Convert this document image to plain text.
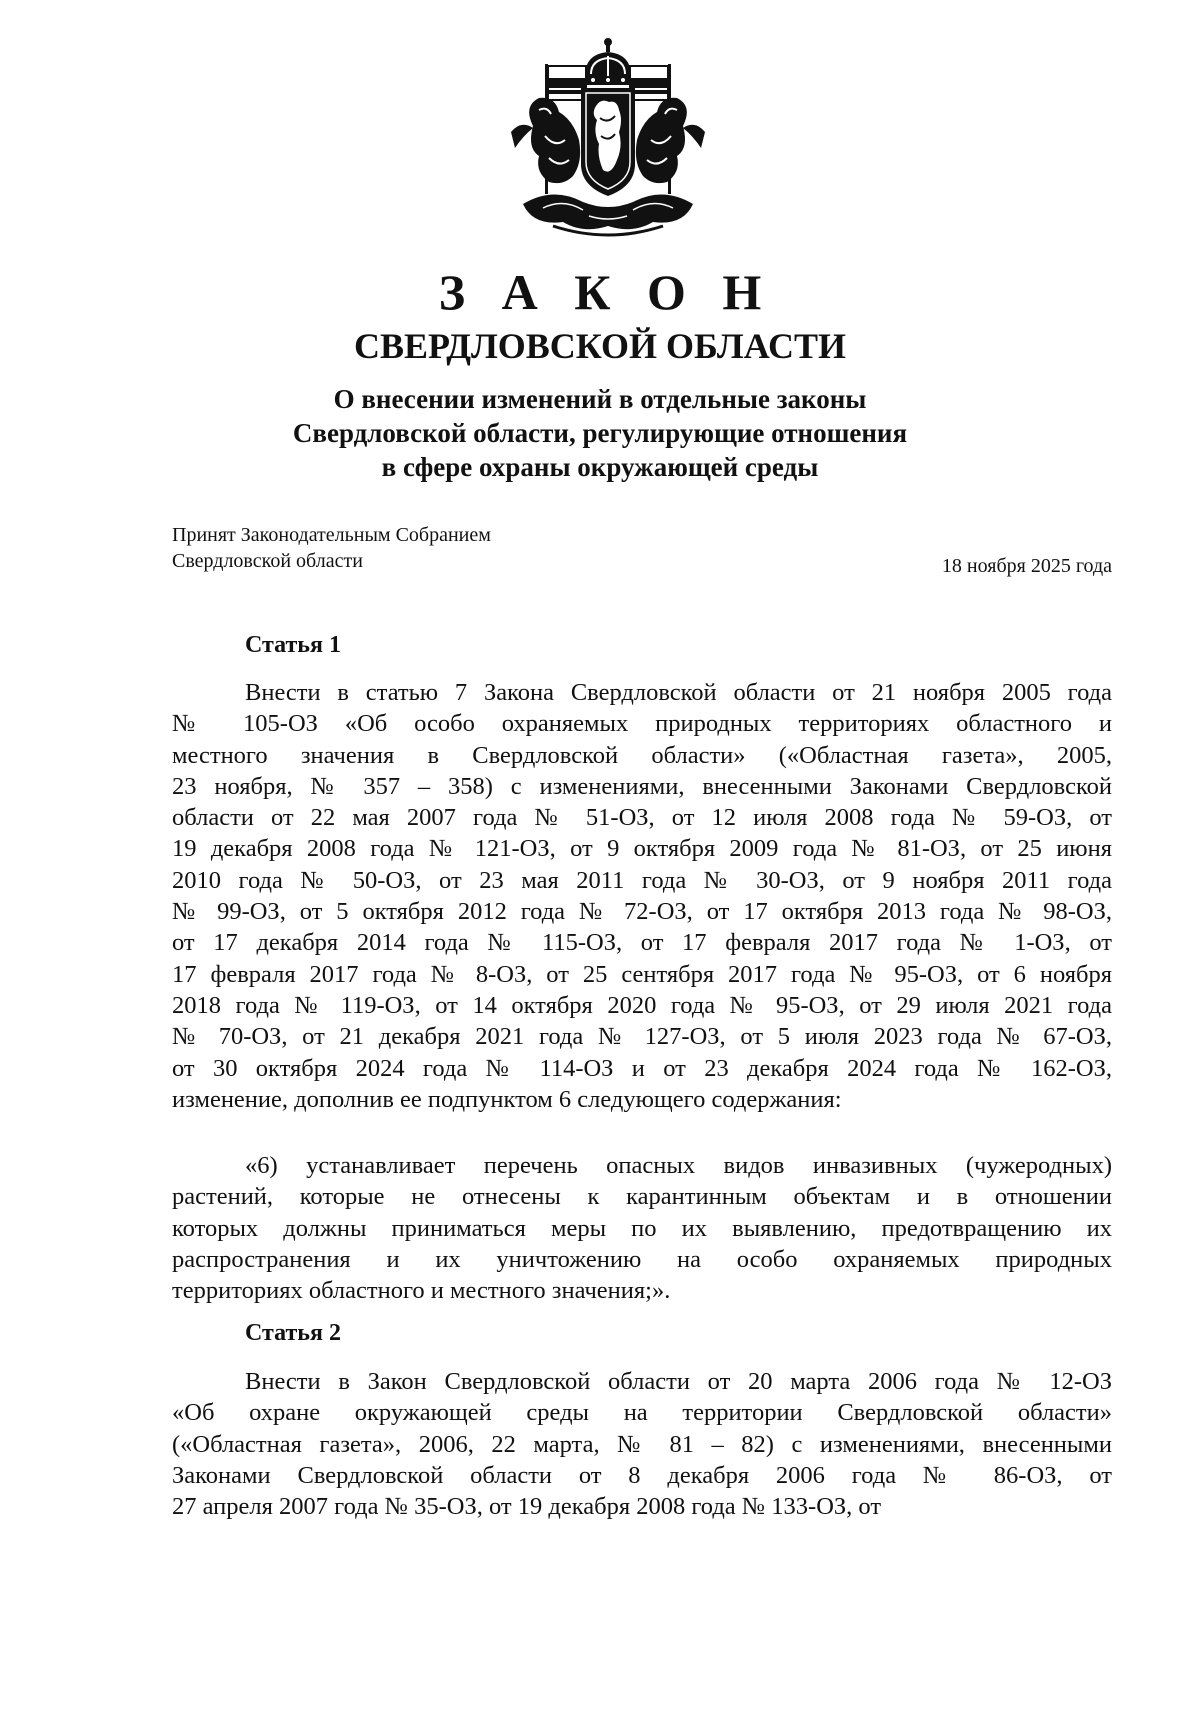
З А К О Н
СВЕРДЛОВСКОЙ ОБЛАСТИ
О внесении изменений в отдельные законы
Свердловской области, регулирующие отношения
в сфере охраны окружающей среды
Принят Законодательным Собранием
Свердловской области	18 ноября 2025 года
Статья 1
Внести в статью 7 Закона Свердловской области от 21 ноября 2005 года
№ 105-ОЗ «Об особо охраняемых природных территориях областного и
местного значения в Свердловской области» («Областная газета», 2005,
23 ноября, № 357 – 358) с изменениями, внесенными Законами Свердловской
области от 22 мая 2007 года № 51-ОЗ, от 12 июля 2008 года № 59-ОЗ, от
19 декабря 2008 года № 121-ОЗ, от 9 октября 2009 года № 81-ОЗ, от 25 июня
2010 года № 50-ОЗ, от 23 мая 2011 года № 30-ОЗ, от 9 ноября 2011 года
№ 99-ОЗ, от 5 октября 2012 года № 72-ОЗ, от 17 октября 2013 года № 98-ОЗ,
от 17 декабря 2014 года № 115-ОЗ, от 17 февраля 2017 года № 1-ОЗ, от
17 февраля 2017 года № 8-ОЗ, от 25 сентября 2017 года № 95-ОЗ, от 6 ноября
2018 года № 119-ОЗ, от 14 октября 2020 года № 95-ОЗ, от 29 июля 2021 года
№ 70-ОЗ, от 21 декабря 2021 года № 127-ОЗ, от 5 июля 2023 года № 67-ОЗ,
от 30 октября 2024 года № 114-ОЗ и от 23 декабря 2024 года № 162-ОЗ,
изменение, дополнив ее подпунктом 6 следующего содержания:
«6) устанавливает перечень опасных видов инвазивных (чужеродных)
растений, которые не отнесены к карантинным объектам и в отношении
которых должны приниматься меры по их выявлению, предотвращению их
распространения и их уничтожению на особо охраняемых природных
территориях областного и местного значения;».
Статья 2
Внести в Закон Свердловской области от 20 марта 2006 года № 12-ОЗ
«Об охране окружающей среды на территории Свердловской области»
(«Областная газета», 2006, 22 марта, № 81 – 82) с изменениями, внесенными
Законами Свердловской области от 8 декабря 2006 года № 86-ОЗ, от
27 апреля 2007 года № 35-ОЗ, от 19 декабря 2008 года № 133-ОЗ, от
